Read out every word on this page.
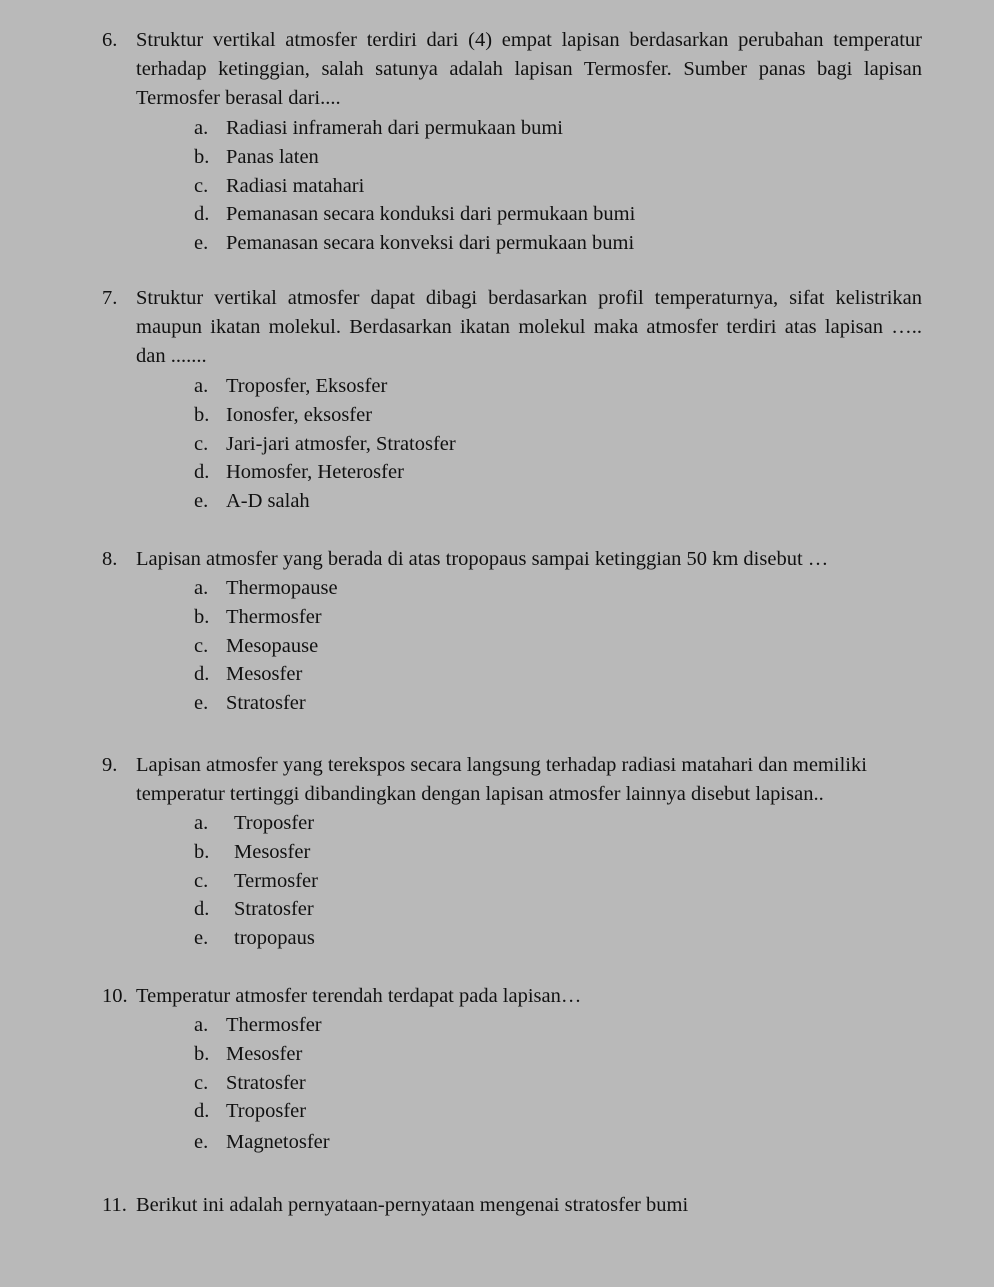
6. Struktur vertikal atmosfer terdiri dari (4) empat lapisan berdasarkan perubahan temperatur terhadap ketinggian, salah satunya adalah lapisan Termosfer. Sumber panas bagi lapisan Termosfer berasal dari....
a. Radiasi inframerah dari permukaan bumi
b. Panas laten
c. Radiasi matahari
d. Pemanasan secara konduksi dari permukaan bumi
e. Pemanasan secara konveksi dari permukaan bumi
7. Struktur vertikal atmosfer dapat dibagi berdasarkan profil temperaturnya, sifat kelistrikan maupun ikatan molekul. Berdasarkan ikatan molekul maka atmosfer terdiri atas lapisan ….. dan .......
a. Troposfer, Eksosfer
b. Ionosfer, eksosfer
c. Jari-jari atmosfer, Stratosfer
d. Homosfer, Heterosfer
e. A-D salah
8. Lapisan atmosfer yang berada di atas tropopaus sampai ketinggian 50 km disebut …
a. Thermopause
b. Thermosfer
c. Mesopause
d. Mesosfer
e. Stratosfer
9. Lapisan atmosfer yang terekspos secara langsung terhadap radiasi matahari dan memiliki temperatur tertinggi dibandingkan dengan lapisan atmosfer lainnya disebut lapisan..
a.	Troposfer
b.	Mesosfer
c.	Termosfer
d.	Stratosfer
e.	tropopaus
10. Temperatur atmosfer terendah terdapat pada lapisan…
a. Thermosfer
b. Mesosfer
c. Stratosfer
d. Troposfer
e. Magnetosfer
11. Berikut ini adalah pernyataan-pernyataan mengenai stratosfer bumi
